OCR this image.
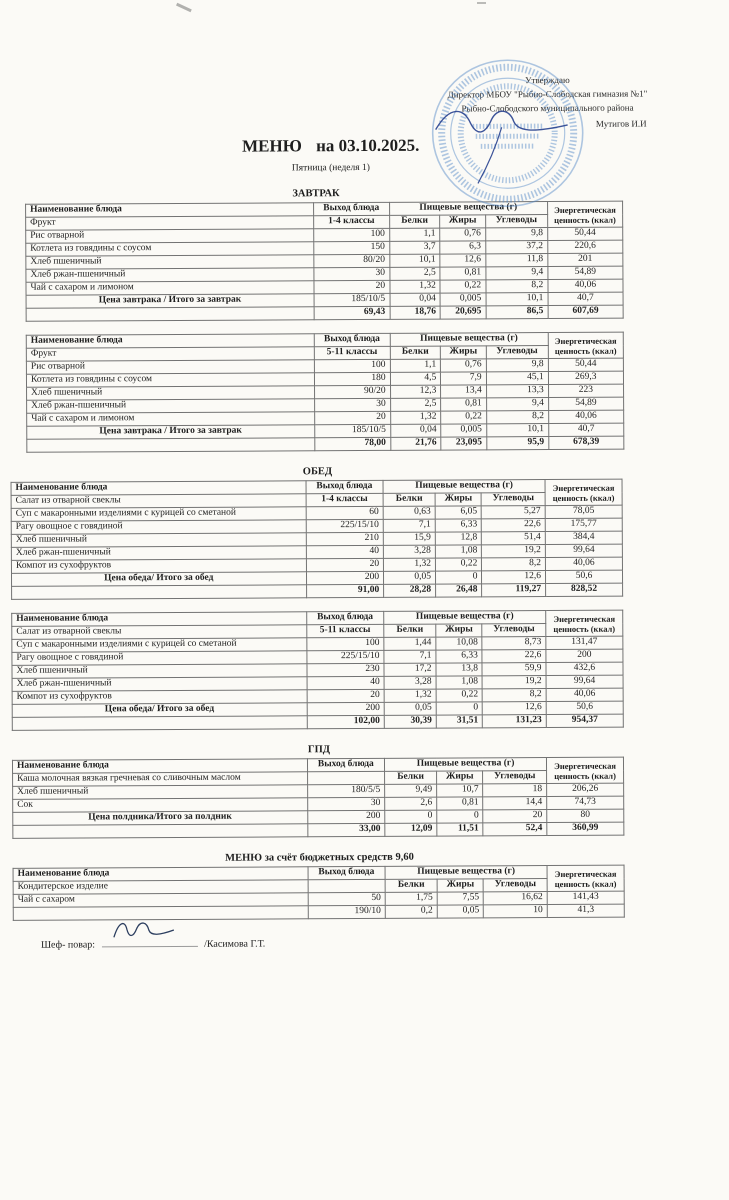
Утверждаю
Директор МБОУ "Рыбно-Слободская гимназия №1"
Рыбно-Слободского муниципального района
Мутигов И.И
МЕНЮ на 03.10.2025.
Пятница (неделя 1)
ЗАВТРАК
Наименование блюда	Выход блюда	Пищевые вещества (г)			Энергетическая ценность (ккал)
Фрукт	1-4 классы	Белки	Жиры	Углеводы	
Рис отварной	100	1,1	0,76	9,8	50,44
Котлета из говядины с соусом	150	3,7	6,3	37,2	220,6
Хлеб пшеничный	80/20	10,1	12,6	11,8	201
Хлеб ржан-пшеничный	30	2,5	0,81	9,4	54,89
Чай с сахаром и лимоном	20	1,32	0,22	8,2	40,06
Цена завтрака / Итого за завтрак	185/10/5	0,04	0,005	10,1	40,7
	69,43	18,76	20,695	86,5	607,69
Наименование блюда	Выход блюда	Пищевые вещества (г)			Энергетическая ценность (ккал)
Фрукт	5-11 классы	Белки	Жиры	Углеводы	
Рис отварной	100	1,1	0,76	9,8	50,44
Котлета из говядины с соусом	180	4,5	7,9	45,1	269,3
Хлеб пшеничный	90/20	12,3	13,4	13,3	223
Хлеб ржан-пшеничный	30	2,5	0,81	9,4	54,89
Чай с сахаром и лимоном	20	1,32	0,22	8,2	40,06
Цена завтрака / Итого за завтрак	185/10/5	0,04	0,005	10,1	40,7
	78,00	21,76	23,095	95,9	678,39
ОБЕД
Наименование блюда	Выход блюда	Пищевые вещества (г)			Энергетическая ценность (ккал)
Салат из отварной свеклы	1-4 классы	Белки	Жиры	Углеводы	
Суп с макаронными изделиями с курицей со сметаной	60	0,63	6,05	5,27	78,05
Рагу овощное с говядиной	225/15/10	7,1	6,33	22,6	175,77
Хлеб пшеничный	210	15,9	12,8	51,4	384,4
Хлеб ржан-пшеничный	40	3,28	1,08	19,2	99,64
Компот из сухофруктов	20	1,32	0,22	8,2	40,06
Цена обеда/ Итого за обед	200	0,05	0	12,6	50,6
	91,00	28,28	26,48	119,27	828,52
Наименование блюда	Выход блюда	Пищевые вещества (г)			Энергетическая ценность (ккал)
Салат из отварной свеклы	5-11 классы	Белки	Жиры	Углеводы	
Суп с макаронными изделиями с курицей со сметаной	100	1,44	10,08	8,73	131,47
Рагу овощное с говядиной	225/15/10	7,1	6,33	22,6	200
Хлеб пшеничный	230	17,2	13,8	59,9	432,6
Хлеб ржан-пшеничный	40	3,28	1,08	19,2	99,64
Компот из сухофруктов	20	1,32	0,22	8,2	40,06
Цена обеда/ Итого за обед	200	0,05	0	12,6	50,6
	102,00	30,39	31,51	131,23	954,37
ГПД
Наименование блюда	Выход блюда	Пищевые вещества (г)			Энергетическая ценность (ккал)
Каша молочная вязкая гречневая со сливочным маслом		Белки	Жиры	Углеводы	
Хлеб пшеничный	180/5/5	9,49	10,7	18	206,26
Сок	30	2,6	0,81	14,4	74,73
Цена полдника/Итого за полдник	200	0	0	20	80
	33,00	12,09	11,51	52,4	360,99
МЕНЮ за счёт бюджетных средств 9,60
Наименование блюда	Выход блюда	Пищевые вещества (г)			Энергетическая ценность (ккал)
Кондитерское изделие		Белки	Жиры	Углеводы	
Чай с сахаром	50	1,75	7,55	16,62	141,43
	190/10	0,2	0,05	10	41,3
Шеф- повар:	/Касимова Г.Т.
